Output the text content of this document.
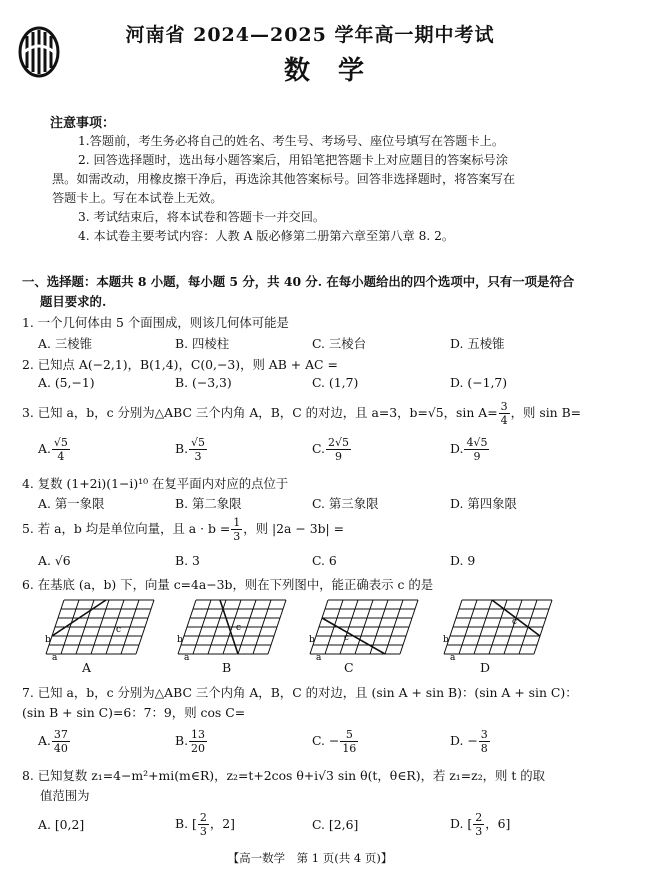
河南省 2024—2025 学年高一期中考试
数学
注意事项：
1.答题前，考生务必将自己的姓名、考生号、考场号、座位号填写在答题卡上。
2. 回答选择题时，选出每小题答案后，用铅笔把答题卡上对应题目的答案标号涂
黑。如需改动，用橡皮擦干净后，再选涂其他答案标号。回答非选择题时，将答案写在
答题卡上。写在本试卷上无效。
3. 考试结束后，将本试卷和答题卡一并交回。
4. 本试卷主要考试内容：人教 A 版必修第二册第六章至第八章 8. 2。
一、选择题：本题共 8 小题，每小题 5 分，共 40 分. 在每小题给出的四个选项中，只有一项是符合
题目要求的.
1. 一个几何体由 5 个面围成，则该几何体可能是
A. 三棱锥	B. 四棱柱	C. 三棱台	D. 五棱锥
2. 已知点 A(−2,1)，B(1,4)，C(0,−3)，则 AB + AC =
A. (5,−1)	B. (−3,3)	C. (1,7)	D. (−1,7)
3. 已知 a，b，c 分别为△ABC 三个内角 A，B，C 的对边，且 a=3，b=√5，$\sin A= \frac{3}{4}$ ，则 sin B=
A. $\frac{√5}{4}$	B. $\frac{√5}{3}$	C. $\frac{2√5}{9}$	D. $\frac{4√5}{9}$
4. 复数 (1+2i)(1−i)¹⁰ 在复平面内对应的点位于
A. 第一象限	B. 第二象限	C. 第三象限	D. 第四象限
5. 若 a，b 均是单位向量，且 $a \cdot b = \frac{1}{3}$ ，则 |2a − 3b| =
A. √6	B. 3	C. 6	D. 9
6. 在基底 (a，b) 下，向量 c=4a−3b，则在下列图中，能正确表示 c 的是
b
a
c
A
b
a
c
B
b
a
c
C
b
a
c
D
7. 已知 a，b，c 分别为△ABC 三个内角 A，B，C 的对边，且 (sin A + sin B)：(sin A + sin C)：
(sin B + sin C)=6：7：9，则 cos C=
A. $\frac{37}{40}$	B. $\frac{13}{20}$	C. − $\frac{5}{16}$	D. − $\frac{3}{8}$
8. 已知复数 z₁=4−m²+mi(m∈R)，z₂=t+2cos θ+i√3 sin θ(t，θ∈R)，若 z₁=z₂，则 t 的取
值范围为
A. [0,2]	B. [ $\frac{2}{3}$ ，2]	C. [2,6]	D. [ $\frac{2}{3}$ ，6]
【高一数学　第 1 页(共 4 页)】
